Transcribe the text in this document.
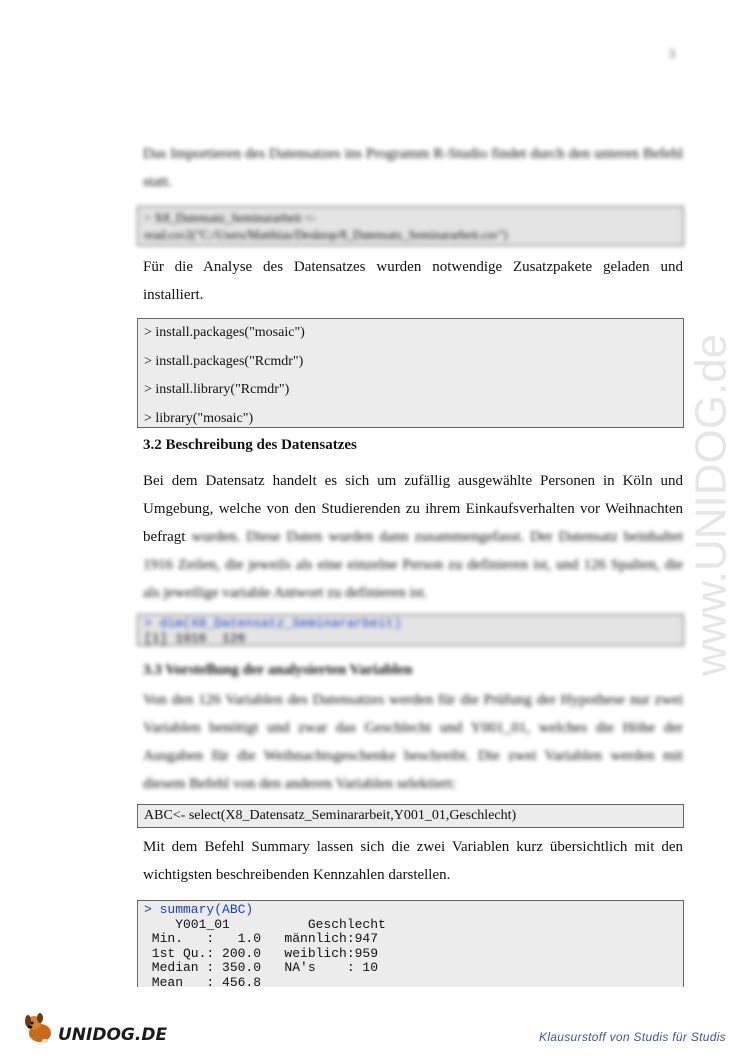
3
Das Importieren des Datensatzes ins Programm R-Studio findet durch den unteren Befehl statt.
> X8_Datensatz_Seminararbeit <- read.csv2("C:/Users/Matthias/Desktop/8_Datensatz_Seminararbeit.csv")
Für die Analyse des Datensatzes wurden notwendige Zusatzpakete geladen und installiert.
> install.packages("mosaic")
> install.packages("Rcmdr")
> install.library("Rcmdr")
> library("mosaic")
3.2 Beschreibung des Datensatzes
Bei dem Datensatz handelt es sich um zufällig ausgewählte Personen in Köln und Umgebung, welche von den Studierenden zu ihrem Einkaufsverhalten vor Weihnachten befragt wurden. Diese Daten wurden dann zusammengefasst. Der Datensatz beinhaltet 1916 Zeilen, die jeweils als eine einzelne Person zu definieren ist, und 126 Spalten, die als jeweilige variable Antwort zu definieren ist.
> dim(X8_Datensatz_Seminararbeit)
[1] 1916  126
3.3 Vorstellung der analysierten Variablen
Von den 126 Variablen des Datensatzes werden für die Prüfung der Hypothese nur zwei Variablen benötigt und zwar das Geschlecht und Y001_01, welches die Höhe der Ausgaben für die Weihnachtsgeschenke beschreibt. Die zwei Variablen werden mit diesem Befehl von den anderen Variablen selektiert:
ABC<- select(X8_Datensatz_Seminararbeit,Y001_01,Geschlecht)
Mit dem Befehl Summary lassen sich die zwei Variablen kurz übersichtlich mit den wichtigsten beschreibenden Kennzahlen darstellen.
> summary(ABC)
Y001_01          Geschlecht
Min.   :   1.0   männlich:947
1st Qu.: 200.0   weiblich:959
Median : 350.0   NA's    : 10
Mean   : 456.8
www.UNIDOG.de
UNIDOG.DE	Klausurstoff von Studis für Studis
